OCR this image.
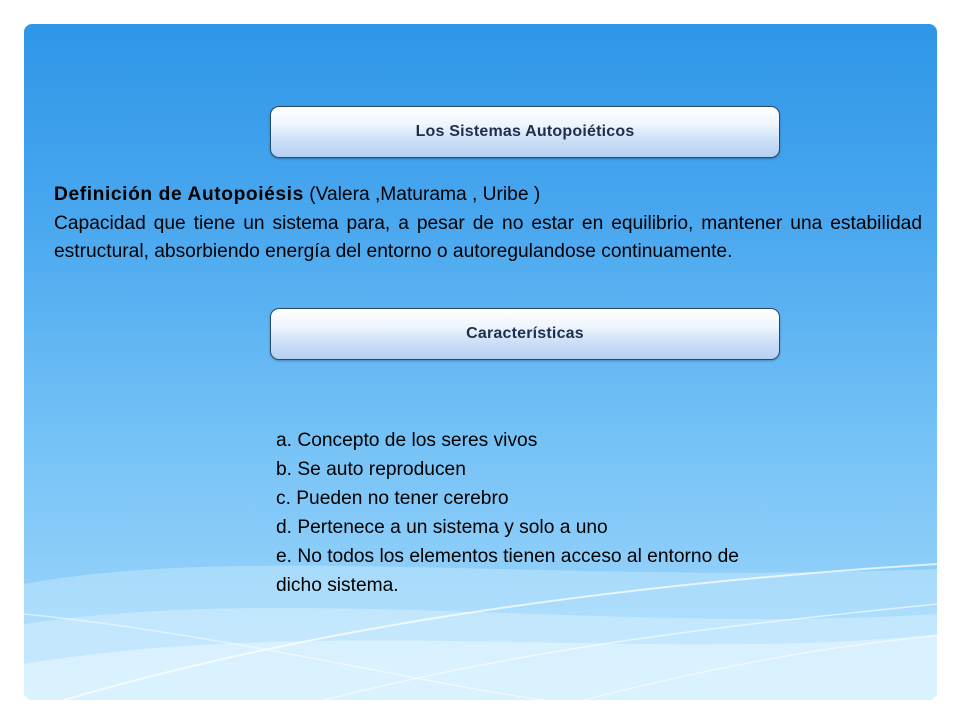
Los Sistemas Autopoiéticos

Definición de Autopoiésis (Valera ,Maturama , Uribe )
Capacidad que tiene un sistema para, a pesar de no estar en equilibrio, mantener una estabilidad estructural, absorbiendo energía del entorno o autoregulandose continuamente.

Características
a. Concepto de los seres vivos
b. Se auto reproducen
c. Pueden no tener cerebro
d. Pertenece a un sistema y solo a uno
e. No todos los elementos tienen acceso al entorno de dicho sistema.
